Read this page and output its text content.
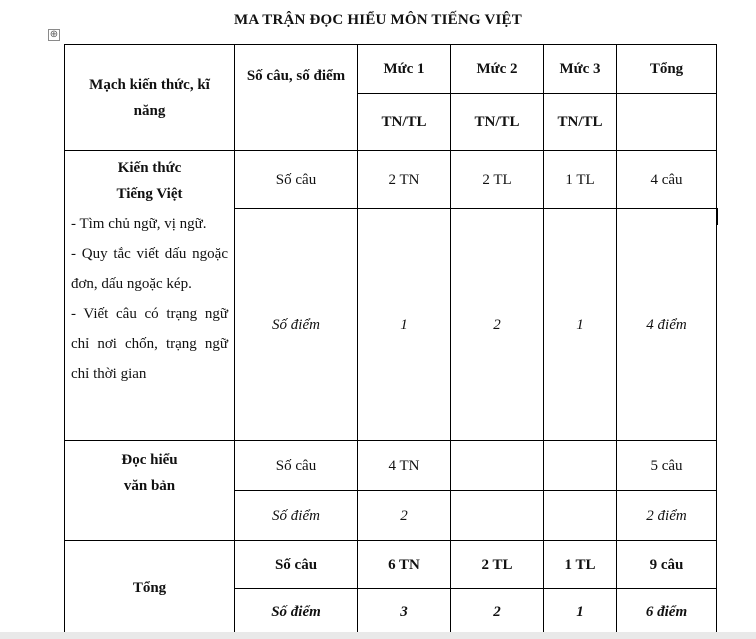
⊕
MA TRẬN ĐỌC HIỂU MÔN TIẾNG VIỆT
Mạch kiến thức, kĩ năng	Số câu, số điểm	Mức 1	Mức 2	Mức 3	Tổng
		TN/TL	TN/TL	TN/TL	

Kiến thức
Tiếng Việt
- Tìm chủ ngữ, vị ngữ.
- Quy tắc viết dấu ngoặc đơn, dấu ngoặc kép.
- Viết câu có trạng ngữ chỉ nơi chốn, trạng ngữ chỉ thời gian	Số câu	2 TN	2 TL	1 TL	4 câu
	Số điểm	1	2	1	4 điểm

Đọc hiểu
văn bản	Số câu	4 TN			5 câu
	Số điểm	2			2 điểm
Tổng	Số câu	6 TN	2 TL	1 TL	9 câu
	Số điểm	3	2	1	6 điểm
